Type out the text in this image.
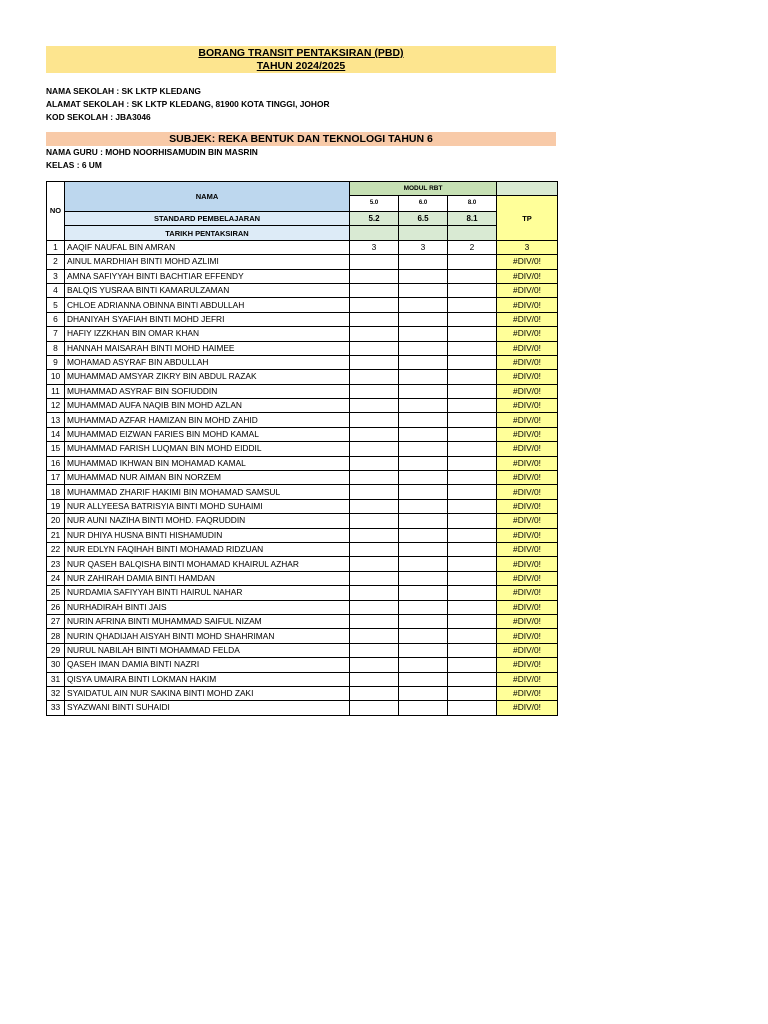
BORANG TRANSIT PENTAKSIRAN (PBD)
TAHUN 2024/2025
NAMA SEKOLAH : SK LKTP KLEDANG
ALAMAT SEKOLAH : SK LKTP KLEDANG, 81900 KOTA TINGGI, JOHOR
KOD SEKOLAH : JBA3046
SUBJEK: REKA BENTUK DAN TEKNOLOGI TAHUN 6
NAMA GURU : MOHD NOORHISAMUDIN BIN MASRIN
KELAS : 6 UM
NO	NAMA	MODUL RBT			
		5.0	6.0	8.0	TP
	STANDARD PEMBELAJARAN	5.2	6.5	8.1	
	TARIKH PENTAKSIRAN				
1	AAQIF NAUFAL BIN AMRAN	3	3	2	3
2	AINUL MARDHIAH BINTI MOHD AZLIMI				#DIV/0!
3	AMNA SAFIYYAH BINTI BACHTIAR EFFENDY				#DIV/0!
4	BALQIS YUSRAA BINTI KAMARULZAMAN				#DIV/0!
5	CHLOE ADRIANNA OBINNA BINTI ABDULLAH				#DIV/0!
6	DHANIYAH SYAFIAH BINTI MOHD JEFRI				#DIV/0!
7	HAFIY IZZKHAN BIN OMAR KHAN				#DIV/0!
8	HANNAH MAISARAH BINTI MOHD HAIMEE				#DIV/0!
9	MOHAMAD ASYRAF BIN ABDULLAH				#DIV/0!
10	MUHAMMAD AMSYAR ZIKRY BIN ABDUL RAZAK				#DIV/0!
11	MUHAMMAD ASYRAF BIN SOFIUDDIN				#DIV/0!
12	MUHAMMAD AUFA NAQIB BIN MOHD AZLAN				#DIV/0!
13	MUHAMMAD AZFAR HAMIZAN BIN MOHD ZAHID				#DIV/0!
14	MUHAMMAD EIZWAN FARIES BIN MOHD KAMAL				#DIV/0!
15	MUHAMMAD FARISH LUQMAN BIN MOHD EIDDIL				#DIV/0!
16	MUHAMMAD IKHWAN BIN MOHAMAD KAMAL				#DIV/0!
17	MUHAMMAD NUR AIMAN BIN NORZEM				#DIV/0!
18	MUHAMMAD ZHARIF HAKIMI BIN MOHAMAD SAMSUL				#DIV/0!
19	NUR ALLYEESA BATRISYIA BINTI MOHD SUHAIMI				#DIV/0!
20	NUR AUNI NAZIHA BINTI MOHD. FAQRUDDIN				#DIV/0!
21	NUR DHIYA HUSNA BINTI HISHAMUDIN				#DIV/0!
22	NUR EDLYN FAQIHAH BINTI MOHAMAD RIDZUAN				#DIV/0!
23	NUR QASEH BALQISHA BINTI MOHAMAD KHAIRUL AZHAR				#DIV/0!
24	NUR ZAHIRAH DAMIA BINTI HAMDAN				#DIV/0!
25	NURDAMIA SAFIYYAH BINTI HAIRUL NAHAR				#DIV/0!
26	NURHADIRAH BINTI JAIS				#DIV/0!
27	NURIN AFRINA BINTI MUHAMMAD SAIFUL NIZAM				#DIV/0!
28	NURIN QHADIJAH AISYAH BINTI MOHD SHAHRIMAN				#DIV/0!
29	NURUL NABILAH BINTI MOHAMMAD FELDA				#DIV/0!
30	QASEH IMAN DAMIA BINTI NAZRI				#DIV/0!
31	QISYA UMAIRA BINTI LOKMAN HAKIM				#DIV/0!
32	SYAIDATUL AIN NUR SAKINA BINTI MOHD ZAKI				#DIV/0!
33	SYAZWANI BINTI SUHAIDI				#DIV/0!
